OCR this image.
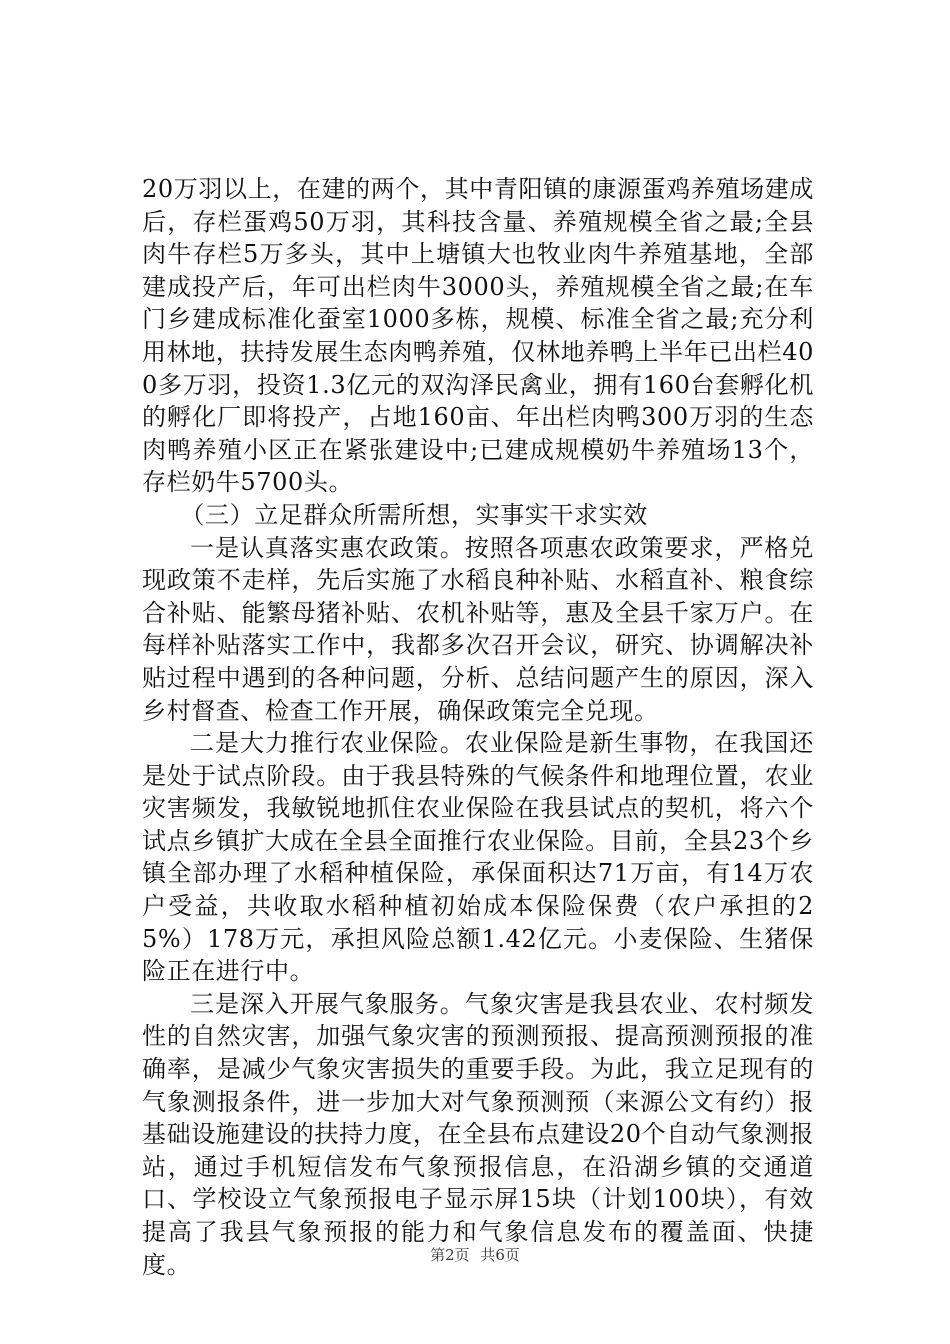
20万羽以上，在建的两个，其中青阳镇的康源蛋鸡养殖场建成后，存栏蛋鸡50万羽，其科技含量、养殖规模全省之最;全县肉牛存栏5万多头，其中上塘镇大也牧业肉牛养殖基地，全部建成投产后，年可出栏肉牛3000头，养殖规模全省之最;在车门乡建成标准化蚕室1000多栋，规模、标准全省之最;充分利用林地，扶持发展生态肉鸭养殖，仅林地养鸭上半年已出栏400多万羽，投资1.3亿元的双沟泽民禽业，拥有160台套孵化机的孵化厂即将投产，占地160亩、年出栏肉鸭300万羽的生态肉鸭养殖小区正在紧张建设中;已建成规模奶牛养殖场13个，存栏奶牛5700头。

（三）立足群众所需所想，实事实干求实效

一是认真落实惠农政策。按照各项惠农政策要求，严格兑现政策不走样，先后实施了水稻良种补贴、水稻直补、粮食综合补贴、能繁母猪补贴、农机补贴等，惠及全县千家万户。在每样补贴落实工作中，我都多次召开会议，研究、协调解决补贴过程中遇到的各种问题，分析、总结问题产生的原因，深入乡村督查、检查工作开展，确保政策完全兑现。

二是大力推行农业保险。农业保险是新生事物，在我国还是处于试点阶段。由于我县特殊的气候条件和地理位置，农业灾害频发，我敏锐地抓住农业保险在我县试点的契机，将六个试点乡镇扩大成在全县全面推行农业保险。目前，全县23个乡镇全部办理了水稻种植保险，承保面积达71万亩，有14万农户受益，共收取水稻种植初始成本保险保费（农户承担的25%）178万元，承担风险总额1.42亿元。小麦保险、生猪保险正在进行中。

三是深入开展气象服务。气象灾害是我县农业、农村频发性的自然灾害，加强气象灾害的预测预报、提高预测预报的准确率，是减少气象灾害损失的重要手段。为此，我立足现有的气象测报条件，进一步加大对气象预测预（来源公文有约）报基础设施建设的扶持力度，在全县布点建设20个自动气象测报站，通过手机短信发布气象预报信息，在沿湖乡镇的交通道口、学校设立气象预报电子显示屏15块（计划100块），有效提高了我县气象预报的能力和气象信息发布的覆盖面、快捷度。	第2页 共6页
